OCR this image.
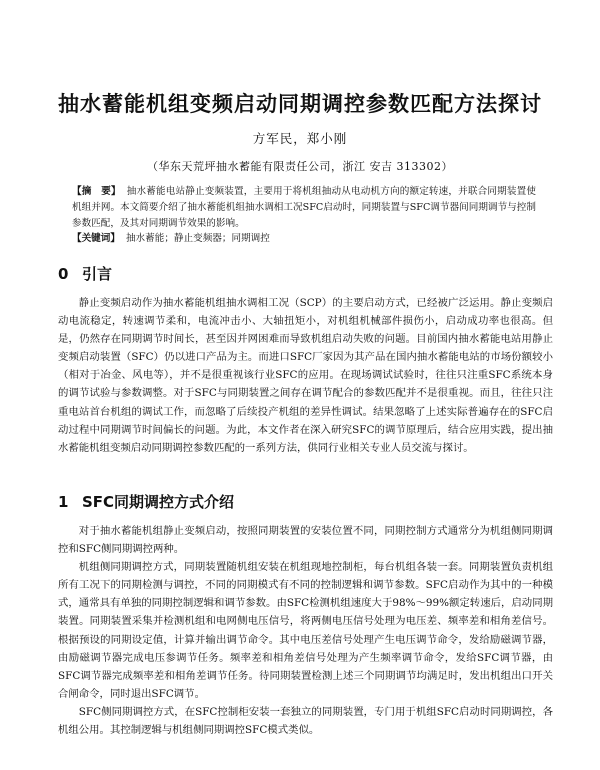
抽水蓄能机组变频启动同期调控参数匹配方法探讨
方军民，郑小刚
（华东天荒坪抽水蓄能有限责任公司，浙江 安吉 313302）
【摘　要】 抽水蓄能电站静止变频装置，主要用于将机组抽动从电动机方向的额定转速，并联合同期装置使机组并网。本文简要介绍了抽水蓄能机组抽水调相工况SFC启动时，同期装置与SFC调节器间同期调节与控制参数匹配，及其对同期调节效果的影响。
【关键词】 抽水蓄能；静止变频器；同期调控
0 引言

静止变频启动作为抽水蓄能机组抽水调相工况（SCP）的主要启动方式，已经被广泛运用。静止变频启动电流稳定，转速调节柔和，电流冲击小、大轴扭矩小，对机组机械部件损伤小，启动成功率也很高。但是，仍然存在同期调节时间长，甚至因并网困难而导致机组启动失败的问题。目前国内抽水蓄能电站用静止变频启动装置（SFC）仍以进口产品为主。而进口SFC厂家因为其产品在国内抽水蓄能电站的市场份额较小（相对于冶金、风电等），并不是很重视该行业SFC的应用。在现场调试试验时，往往只注重SFC系统本身的调节试验与参数调整。对于SFC与同期装置之间存在调节配合的参数匹配并不是很重视。而且，往往只注重电站首台机组的调试工作，而忽略了后续投产机组的差异性调试。结果忽略了上述实际普遍存在的SFC启动过程中同期调节时间偏长的问题。为此，本文作者在深入研究SFC的调节原理后，结合应用实践，提出抽水蓄能机组变频启动同期调控参数匹配的一系列方法，供同行业相关专业人员交流与探讨。

1 SFC同期调控方式介绍

对于抽水蓄能机组静止变频启动，按照同期装置的安装位置不同，同期控制方式通常分为机组侧同期调控和SFC侧同期调控两种。

机组侧同期调控方式，同期装置随机组安装在机组现地控制柜，每台机组各装一套。同期装置负责机组所有工况下的同期检测与调控，不同的同期模式有不同的控制逻辑和调节参数。SFC启动作为其中的一种模式，通常具有单独的同期控制逻辑和调节参数。由SFC检测机组速度大于98%～99%额定转速后，启动同期装置。同期装置采集并检测机组和电网侧电压信号，将两侧电压信号处理为电压差、频率差和相角差信号。根据预设的同期设定值，计算并输出调节命令。其中电压差信号处理产生电压调节命令，发给励磁调节器，由励磁调节器完成电压参调节任务。频率差和相角差信号处理为产生频率调节命令，发给SFC调节器，由SFC调节器完成频率差和相角差调节任务。待同期装置检测上述三个同期调节均满足时，发出机组出口开关合闸命令，同时退出SFC调节。

SFC侧同期调控方式，在SFC控制柜安装一套独立的同期装置，专门用于机组SFC启动时同期调控，各机组公用。其控制逻辑与机组侧同期调控SFC模式类似。
